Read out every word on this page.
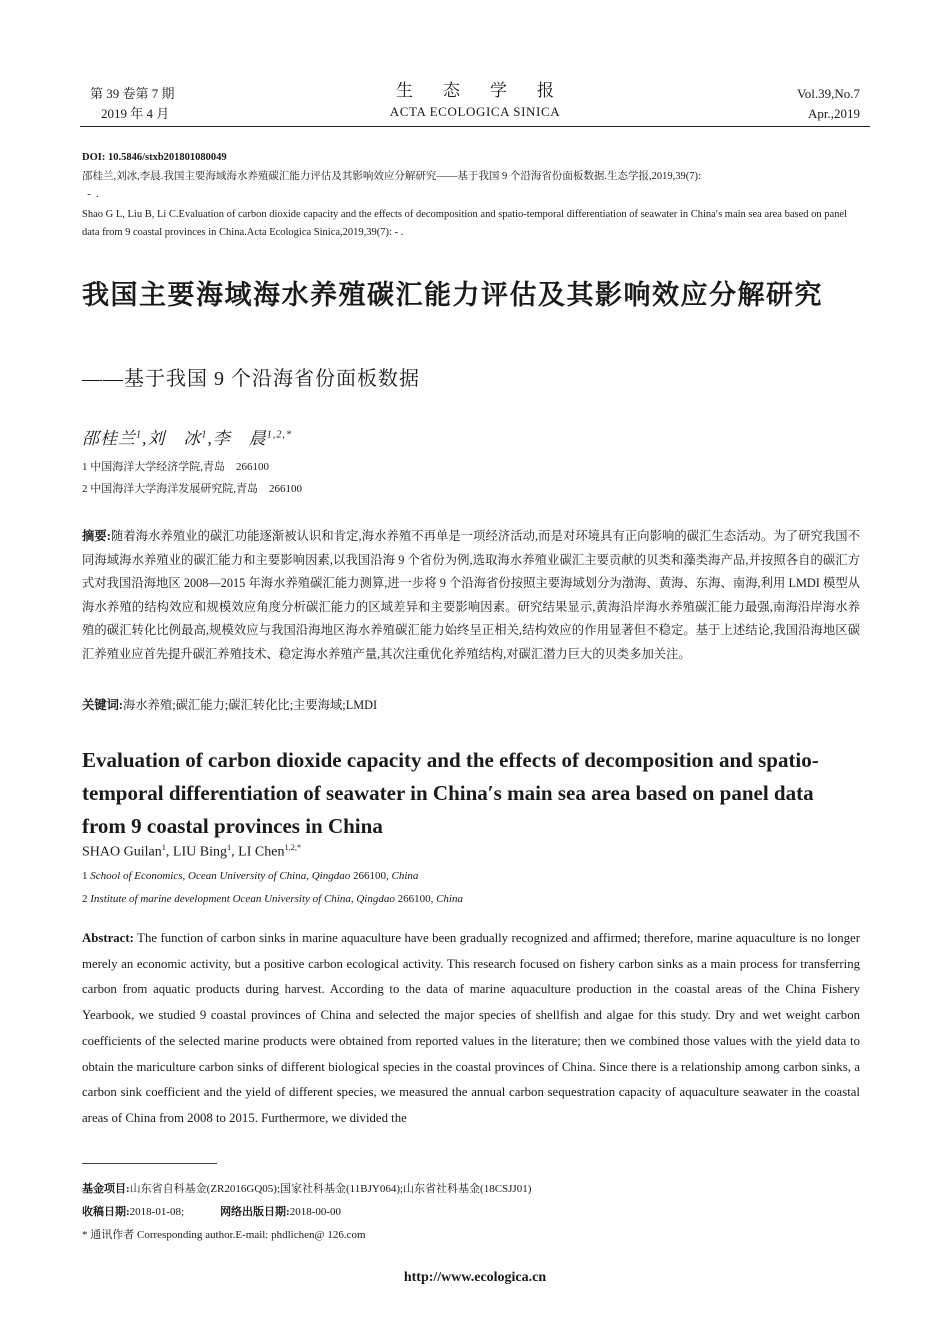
第 39 卷第 7 期
2019 年 4 月
生态学报
ACTA ECOLOGICA SINICA
Vol.39,No.7
Apr.,2019
DOI: 10.5846/stxb201801080049
邵桂兰,刘冰,李晨.我国主要海域海水养殖碳汇能力评估及其影响效应分解研究——基于我国 9 个沿海省份面板数据.生态学报,2019,39(7):
-  .
Shao G L, Liu B, Li C.Evaluation of carbon dioxide capacity and the effects of decomposition and spatio-temporal differentiation of seawater in China′s main sea area based on panel data from 9 coastal provinces in China.Acta Ecologica Sinica,2019,39(7): - .
我国主要海域海水养殖碳汇能力评估及其影响效应分解研究
——基于我国 9 个沿海省份面板数据
邵桂兰$^1$,刘　冰$^1$,李　晨$^{1,2,*}$
1 中国海洋大学经济学院,青岛　266100
2 中国海洋大学海洋发展研究院,青岛　266100
摘要:随着海水养殖业的碳汇功能逐渐被认识和肯定,海水养殖不再单是一项经济活动,而是对环境具有正向影响的碳汇生态活动。为了研究我国不同海域海水养殖业的碳汇能力和主要影响因素,以我国沿海 9 个省份为例,选取海水养殖业碳汇主要贡献的贝类和藻类海产品,并按照各自的碳汇方式对我国沿海地区 2008—2015 年海水养殖碳汇能力测算,进一步将 9 个沿海省份按照主要海域划分为渤海、黄海、东海、南海,利用 LMDI 模型从海水养殖的结构效应和规模效应角度分析碳汇能力的区域差异和主要影响因素。研究结果显示,黄海沿岸海水养殖碳汇能力最强,南海沿岸海水养殖的碳汇转化比例最高,规模效应与我国沿海地区海水养殖碳汇能力始终呈正相关,结构效应的作用显著但不稳定。基于上述结论,我国沿海地区碳汇养殖业应首先提升碳汇养殖技术、稳定海水养殖产量,其次注重优化养殖结构,对碳汇潜力巨大的贝类多加关注。
关键词:海水养殖;碳汇能力;碳汇转化比;主要海域;LMDI
Evaluation of carbon dioxide capacity and the effects of decomposition and spatio-temporal differentiation of seawater in China′s main sea area based on panel data from 9 coastal provinces in China
SHAO Guilan$^1$, LIU Bing$^1$, LI Chen$^{1,2,*}$
1 School of Economics, Ocean University of China, Qingdao 266100, China
2 Institute of marine development Ocean University of China, Qingdao 266100, China
Abstract: The function of carbon sinks in marine aquaculture have been gradually recognized and affirmed; therefore, marine aquaculture is no longer merely an economic activity, but a positive carbon ecological activity. This research focused on fishery carbon sinks as a main process for transferring carbon from aquatic products during harvest. According to the data of marine aquaculture production in the coastal areas of the China Fishery Yearbook, we studied 9 coastal provinces of China and selected the major species of shellfish and algae for this study. Dry and wet weight carbon coefficients of the selected marine products were obtained from reported values in the literature; then we combined those values with the yield data to obtain the mariculture carbon sinks of different biological species in the coastal provinces of China. Since there is a relationship among carbon sinks, a carbon sink coefficient and the yield of different species, we measured the annual carbon sequestration capacity of aquaculture seawater in the coastal areas of China from 2008 to 2015. Furthermore, we divided the
基金项目:山东省自科基金(ZR2016GQ05);国家社科基金(11BJY064);山东省社科基金(18CSJJ01)
收稿日期:2018-01-08;	网络出版日期:2018-00-00
* 通讯作者 Corresponding author.E-mail: phdlichen@ 126.com
http://www.ecologica.cn
